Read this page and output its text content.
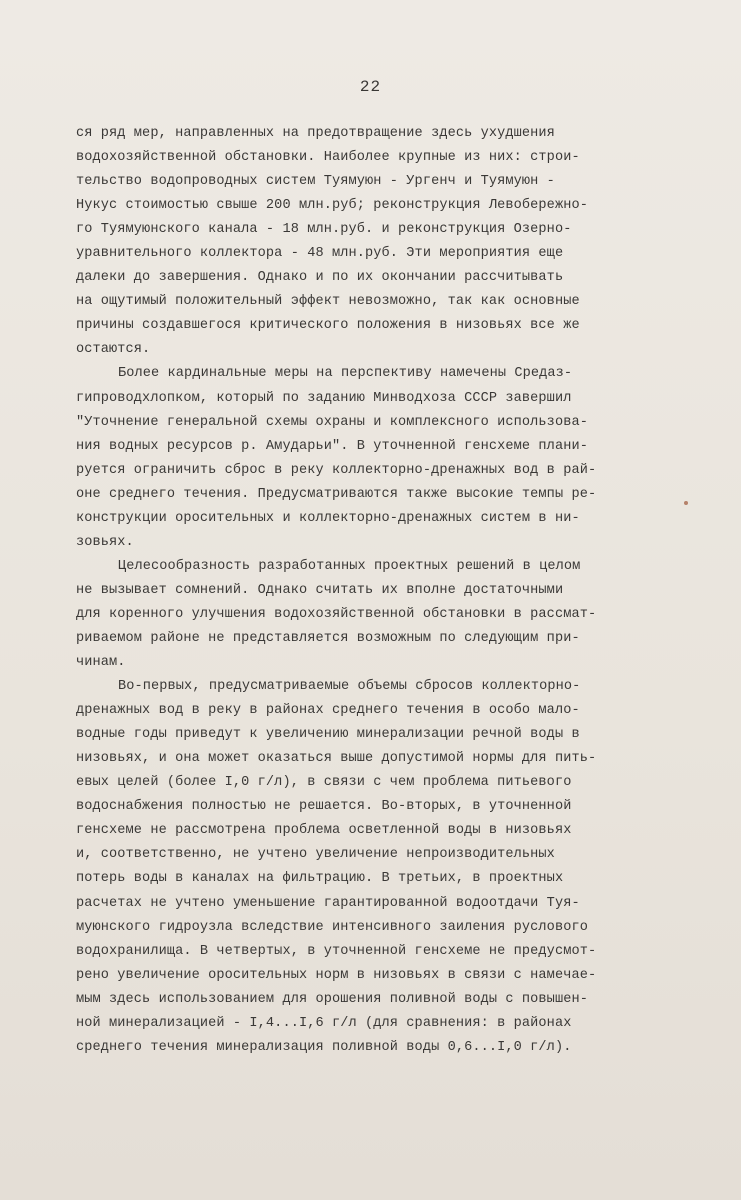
22
ся ряд мер, направленных на предотвращение здесь ухудшения
водохозяйственной обстановки. Наиболее крупные из них: строи-
тельство водопроводных систем Туямуюн - Ургенч и Туямуюн -
Нукус стоимостью свыше 200 млн.руб; реконструкция Левобережно-
го Туямуюнского канала - 18 млн.руб. и реконструкция Озерно-
уравнительного коллектора - 48 млн.руб. Эти мероприятия еще
далеки до завершения. Однако и по их окончании рассчитывать
на ощутимый положительный эффект невозможно, так как основные
причины создавшегося критического положения в низовьях все же
остаются.
Более кардинальные меры на перспективу намечены Средаз-
гипроводхлопком, который по заданию Минводхоза СССР завершил
"Уточнение генеральной схемы охраны и комплексного использова-
ния водных ресурсов р. Амударьи". В уточненной генсхеме плани-
руется ограничить сброс в реку коллекторно-дренажных вод в рай-
оне среднего течения. Предусматриваются также высокие темпы ре-
конструкции оросительных и коллекторно-дренажных систем в ни-
зовьях.
Целесообразность разработанных проектных решений в целом
не вызывает сомнений. Однако считать их вполне достаточными
для коренного улучшения водохозяйственной обстановки в рассмат-
риваемом районе не представляется возможным по следующим при-
чинам.
Во-первых, предусматриваемые объемы сбросов коллекторно-
дренажных вод в реку в районах среднего течения в особо мало-
водные годы приведут к увеличению минерализации речной воды в
низовьях, и она может оказаться выше допустимой нормы для пить-
евых целей (более I,0 г/л), в связи с чем проблема питьевого
водоснабжения полностью не решается. Во-вторых, в уточненной
генсхеме не рассмотрена проблема осветленной воды в низовьях
и, соответственно, не учтено увеличение непроизводительных
потерь воды в каналах на фильтрацию. В третьих, в проектных
расчетах не учтено уменьшение гарантированной водоотдачи Туя-
муюнского гидроузла вследствие интенсивного заиления руслового
водохранилища. В четвертых, в уточненной генсхеме не предусмот-
рено увеличение оросительных норм в низовьях в связи с намечае-
мым здесь использованием для орошения поливной воды с повышен-
ной минерализацией - I,4...I,6 г/л (для сравнения: в районах
среднего течения минерализация поливной воды 0,6...I,0 г/л).
